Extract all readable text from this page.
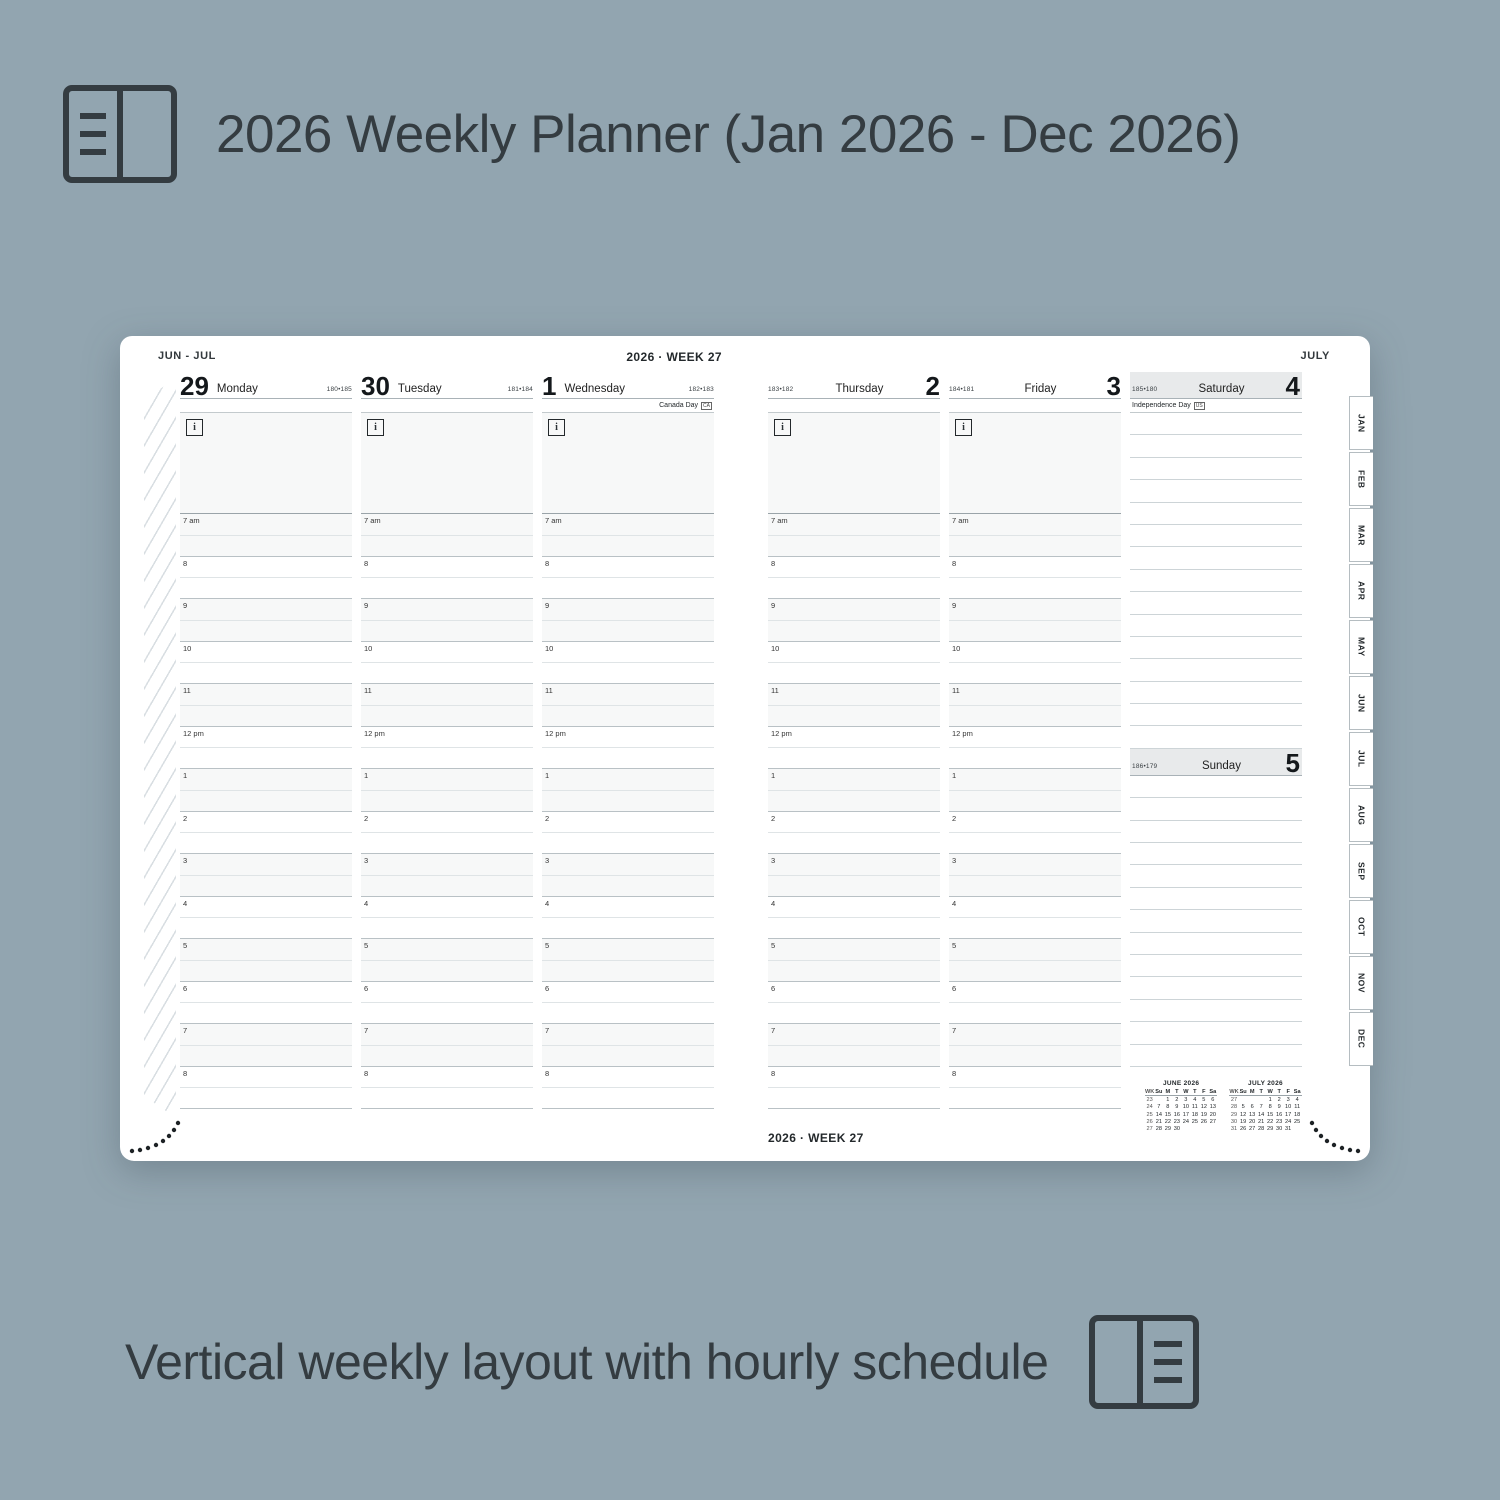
2026 Weekly Planner (Jan 2026 - Dec 2026)
JUN - JUL	2026 · WEEK 27
29 Monday	180•185
i
7 am
8
9
10
11
12 pm
1
2
3
4
5
6
7
8
30 Tuesday	181•184
i
7 am
8
9
10
11
12 pm
1
2
3
4
5
6
7
8
1 Wednesday	182•183
Canada Day	CA
i
7 am
8
9
10
11
12 pm
1
2
3
4
5
6
7
8
JULY
2026 · WEEK 27
183•182	Thursday	2
i
7 am
8
9
10
11
12 pm
1
2
3
4
5
6
7
8
184•181	Friday	3
i
7 am
8
9
10
11
12 pm
1
2
3
4
5
6
7
8
185•180	Saturday 4
Independence Day	US
186•179	Sunday 5
JUNE 2026
WK	Su	M	T	W	T	F	Sa
23		1	2	3	4	5	6
24	7	8	9	10	11	12	13
25	14	15	16	17	18	19	20
26	21	22	23	24	25	26	27
27	28	29	30				
JULY 2026
WK	Su	M	T	W	T	F	Sa
27				1	2	3	4
28	5	6	7	8	9	10	11
29	12	13	14	15	16	17	18
30	19	20	21	22	23	24	25
31	26	27	28	29	30	31	
JAN
FEB
MAR
APR
MAY
JUN
JUL
AUG
SEP
OCT
NOV
DEC
Vertical weekly layout with hourly schedule
